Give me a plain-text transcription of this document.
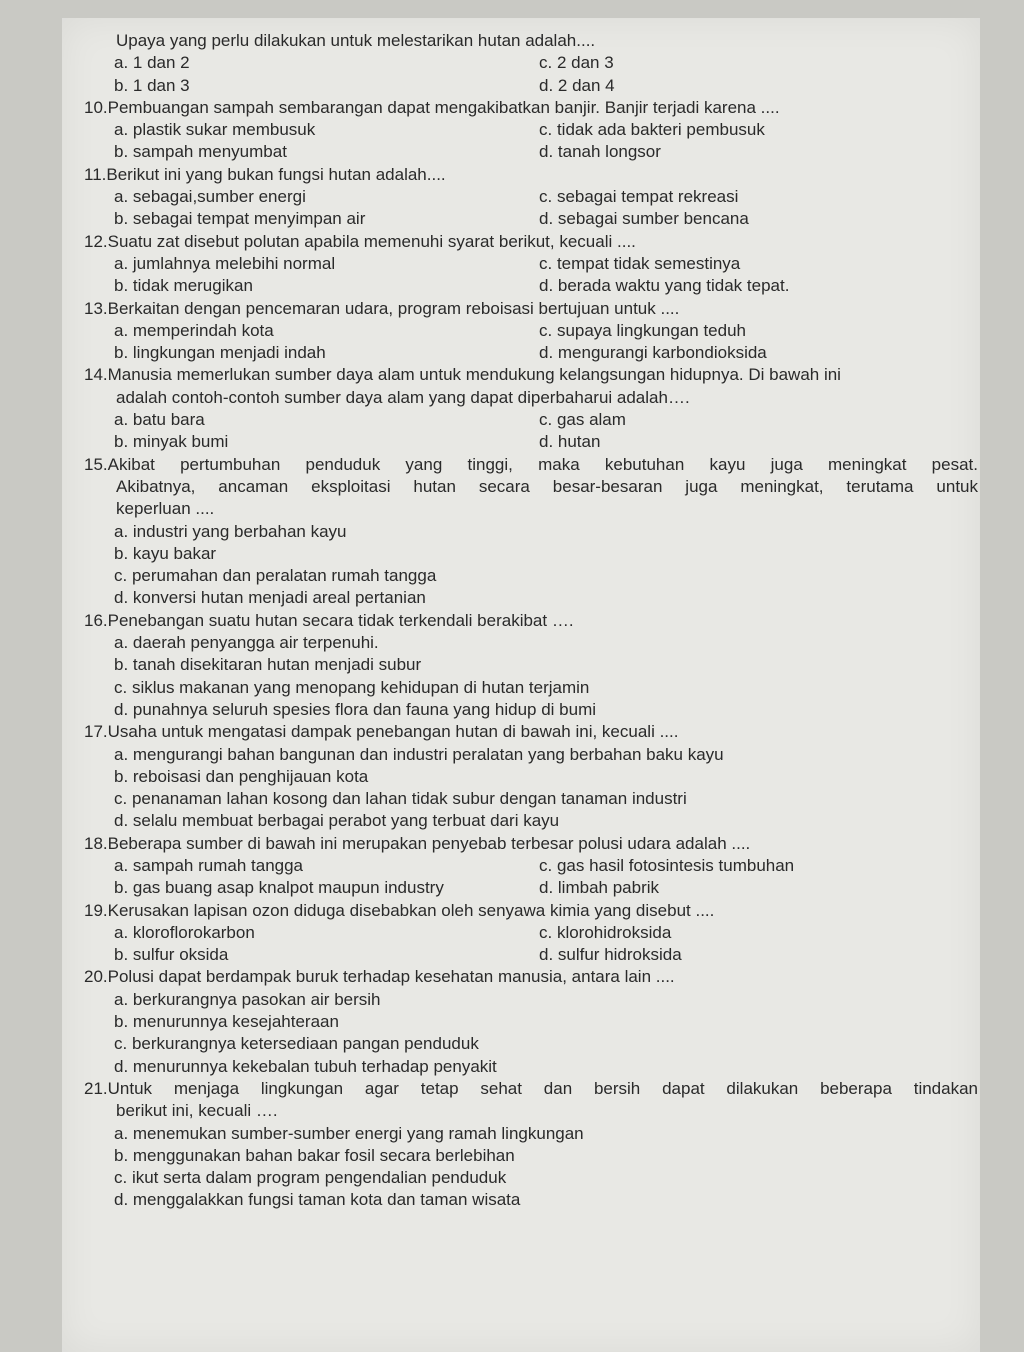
Upaya yang perlu dilakukan untuk melestarikan hutan adalah....
a. 1 dan 2	c. 2 dan 3
b. 1 dan 3	d. 2 dan 4
10.Pembuangan sampah sembarangan dapat mengakibatkan banjir. Banjir terjadi karena ....
a. plastik sukar membusuk	c. tidak ada bakteri pembusuk
b. sampah menyumbat	d. tanah longsor
11.Berikut ini yang bukan fungsi hutan adalah....
a. sebagai,sumber energi	c. sebagai tempat rekreasi
b. sebagai tempat menyimpan air	d. sebagai sumber bencana
12.Suatu zat disebut polutan apabila memenuhi syarat berikut, kecuali ....
a. jumlahnya melebihi normal	c. tempat tidak semestinya
b. tidak merugikan	d. berada waktu yang tidak tepat.
13.Berkaitan dengan pencemaran udara, program reboisasi bertujuan untuk ....
a. memperindah kota	c. supaya lingkungan teduh
b. lingkungan menjadi indah	d. mengurangi karbondioksida
14.Manusia memerlukan sumber daya alam untuk mendukung kelangsungan hidupnya. Di bawah ini
adalah contoh-contoh sumber daya alam yang dapat diperbaharui adalah….
a. batu bara	c. gas alam
b. minyak bumi	d. hutan
15.Akibat pertumbuhan penduduk yang tinggi, maka kebutuhan kayu juga meningkat pesat.
Akibatnya, ancaman eksploitasi hutan secara besar-besaran juga meningkat, terutama untuk
keperluan ....
a. industri yang berbahan kayu
b. kayu bakar
c. perumahan dan peralatan rumah tangga
d. konversi hutan menjadi areal pertanian
16.Penebangan suatu hutan secara tidak terkendali berakibat ….
a. daerah penyangga air terpenuhi.
b. tanah disekitaran hutan menjadi subur
c. siklus makanan yang menopang kehidupan di hutan terjamin
d. punahnya seluruh spesies flora dan fauna yang hidup di bumi
17.Usaha untuk mengatasi dampak penebangan hutan di bawah ini, kecuali ....
a. mengurangi bahan bangunan dan industri peralatan yang berbahan baku kayu
b. reboisasi dan penghijauan kota
c. penanaman lahan kosong dan lahan tidak subur dengan tanaman industri
d. selalu membuat berbagai perabot yang terbuat dari kayu
18.Beberapa sumber di bawah ini merupakan penyebab terbesar polusi udara adalah ....
a. sampah rumah tangga	c. gas hasil fotosintesis tumbuhan
b. gas buang asap knalpot maupun industry	d. limbah pabrik
19.Kerusakan lapisan ozon diduga disebabkan oleh senyawa kimia yang disebut ....
a. kloroflorokarbon	c. klorohidroksida
b. sulfur oksida	d. sulfur hidroksida
20.Polusi dapat berdampak buruk terhadap kesehatan manusia, antara lain ....
a. berkurangnya pasokan air bersih
b. menurunnya kesejahteraan
c. berkurangnya ketersediaan pangan penduduk
d. menurunnya kekebalan tubuh terhadap penyakit
21.Untuk menjaga lingkungan agar tetap sehat dan bersih dapat dilakukan beberapa tindakan
berikut ini, kecuali ….
a. menemukan sumber-sumber energi yang ramah lingkungan
b. menggunakan bahan bakar fosil secara berlebihan
c. ikut serta dalam program pengendalian penduduk
d. menggalakkan fungsi taman kota dan taman wisata
